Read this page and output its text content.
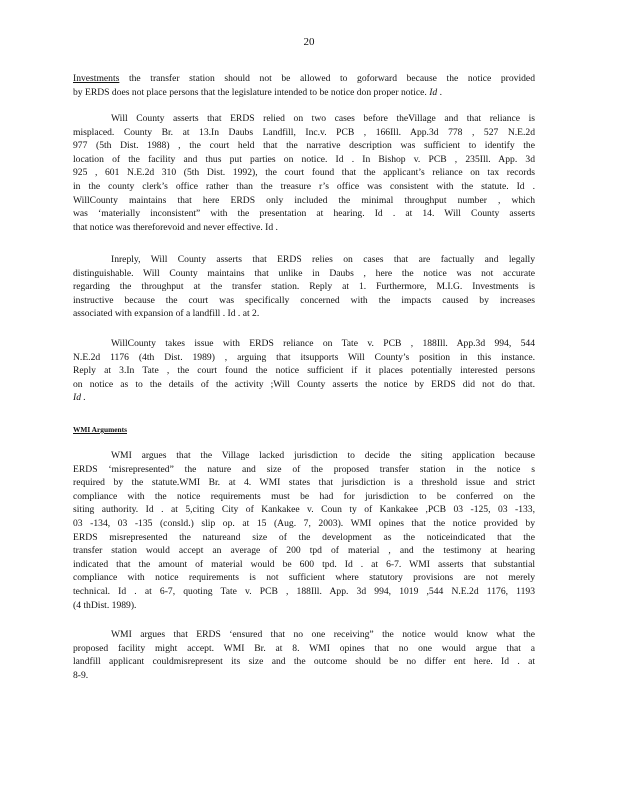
20
Investments the transfer station should not be allowed to goforward because the notice provided
by ERDS does not place persons that the legislature intended to be notice don proper notice. Id .
Will County asserts that ERDS relied on two cases before theVillage and that reliance is
misplaced. County Br. at 13.In Daubs Landfill, Inc.v. PCB , 166Ill. App.3d 778 , 527 N.E.2d
977 (5th Dist. 1988) , the court held that the narrative description was sufficient to identify the
location of the facility and thus put parties on notice. Id . In Bishop v. PCB , 235Ill. App. 3d
925 , 601 N.E.2d 310 (5th Dist. 1992), the court found that the applicant’s reliance on tax records
in the county clerk’s office rather than the treasure r’s office was consistent with the statute. Id .
WillCounty maintains that here ERDS only included the minimal throughput number , which
was ‘materially inconsistent” with the presentation at hearing. Id . at 14. Will County asserts
that notice was thereforevoid and never effective. Id .
Inreply, Will County asserts that ERDS relies on cases that are factually and legally
distinguishable. Will County maintains that unlike in Daubs , here the notice was not accurate
regarding the throughput at the transfer station. Reply at 1. Furthermore, M.I.G. Investments is
instructive because the court was specifically concerned with the impacts caused by increases
associated with expansion of a landfill . Id . at 2.
WillCounty takes issue with ERDS reliance on Tate v. PCB , 188Ill. App.3d 994, 544
N.E.2d 1176 (4th Dist. 1989) , arguing that itsupports Will County’s position in this instance.
Reply at 3.In Tate , the court found the notice sufficient if it places potentially interested persons
on notice as to the details of the activity ;Will County asserts the notice by ERDS did not do that.
Id .
WMI Arguments
WMI argues that the Village lacked jurisdiction to decide the siting application because
ERDS ‘misrepresented” the nature and size of the proposed transfer station in the notice s
required by the statute.WMI Br. at 4. WMI states that jurisdiction is a threshold issue and strict
compliance with the notice requirements must be had for jurisdiction to be conferred on the
siting authority. Id . at 5,citing City of Kankakee v. Coun ty of Kankakee ,PCB 03 -125, 03 -133,
03 -134, 03 -135 (consld.) slip op. at 15 (Aug. 7, 2003). WMI opines that the notice provided by
ERDS misrepresented the natureand size of the development as the noticeindicated that the
transfer station would accept an average of 200 tpd of material , and the testimony at hearing
indicated that the amount of material would be 600 tpd. Id . at 6-7. WMI asserts that substantial
compliance with notice requirements is not sufficient where statutory provisions are not merely
technical. Id . at 6-7, quoting Tate v. PCB , 188Ill. App. 3d 994, 1019 ,544 N.E.2d 1176, 1193
(4 thDist. 1989).
WMI argues that ERDS ‘ensured that no one receiving” the notice would know what the
proposed facility might accept. WMI Br. at 8. WMI opines that no one would argue that a
landfill applicant couldmisrepresent its size and the outcome should be no differ ent here. Id . at
8-9.
